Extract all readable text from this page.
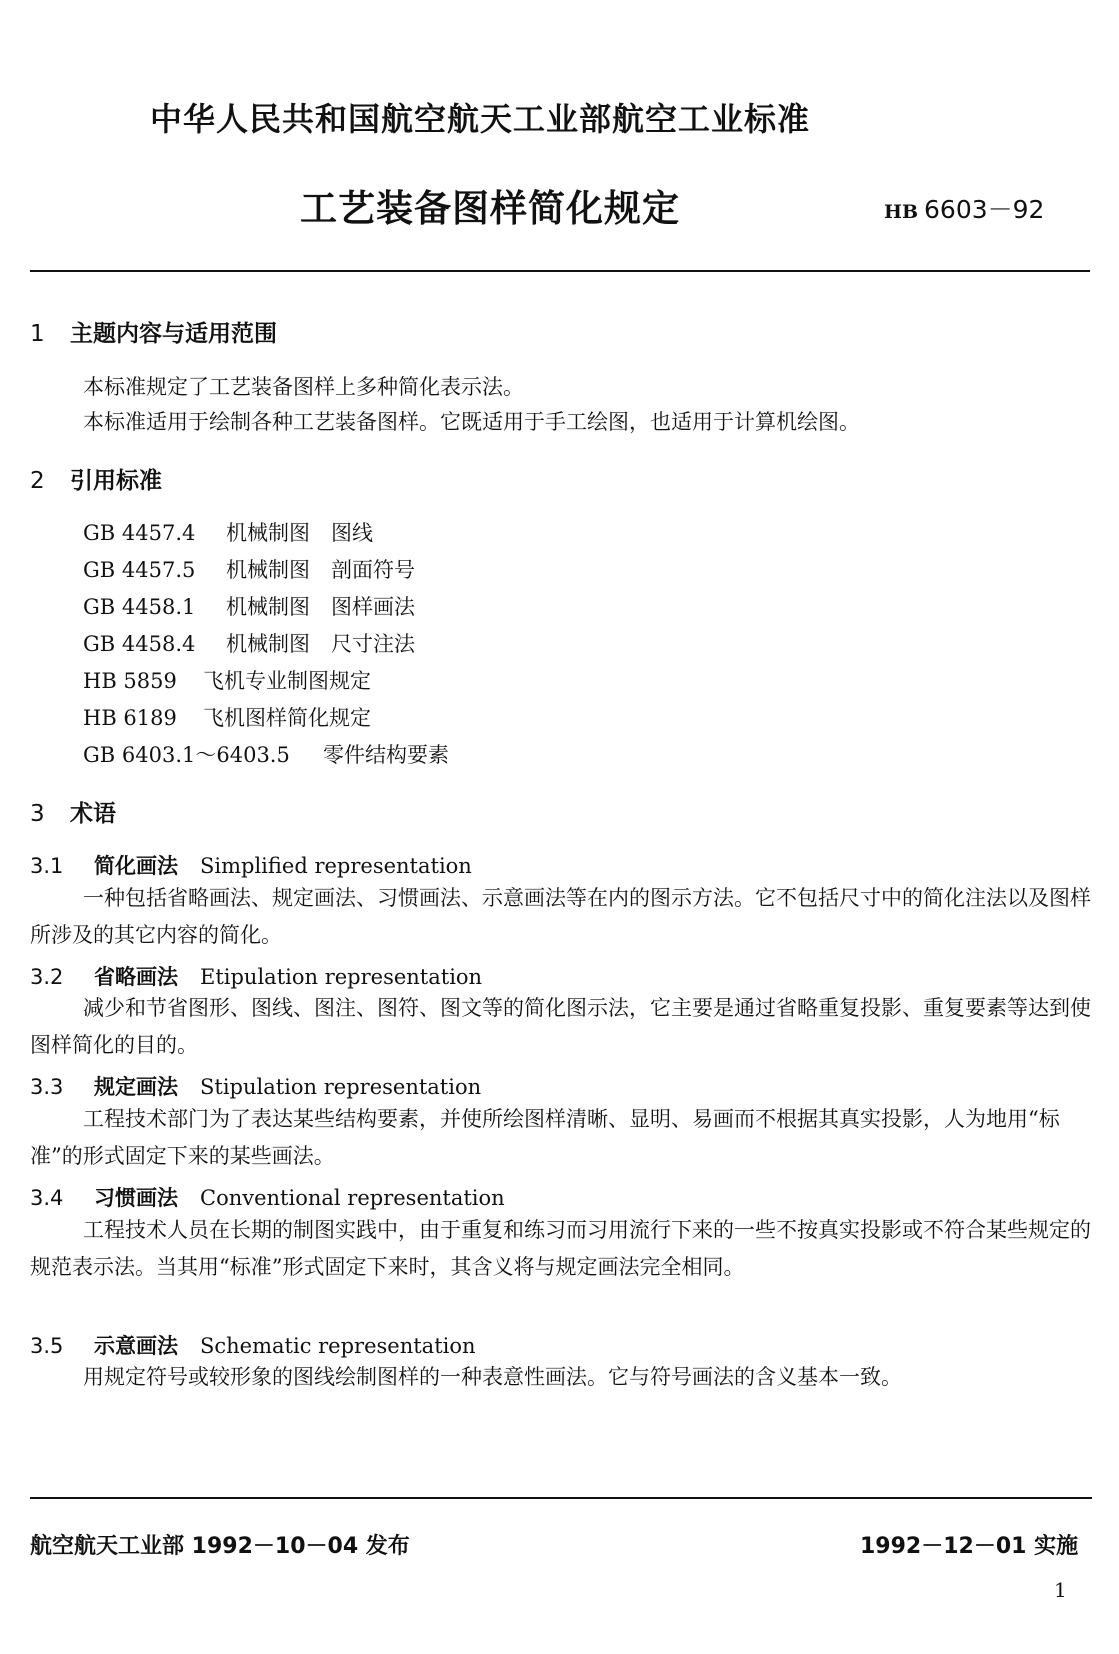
中华人民共和国航空航天工业部航空工业标准
工艺装备图样简化规定	HB 6603－92
1 主题内容与适用范围
本标准规定了工艺装备图样上多种简化表示法。
本标准适用于绘制各种工艺装备图样。它既适用于手工绘图，也适用于计算机绘图。
2 引用标准
GB 4457.4 机械制图　图线
GB 4457.5 机械制图　剖面符号
GB 4458.1 机械制图　图样画法
GB 4458.4 机械制图　尺寸注法
HB 5859 飞机专业制图规定
HB 6189 飞机图样简化规定
GB 6403.1～6403.5 零件结构要素
3 术语
3.1 简化画法 Simplified representation
一种包括省略画法、规定画法、习惯画法、示意画法等在内的图示方法。它不包括尺寸中的简化注法以及图样所涉及的其它内容的简化。
3.2 省略画法 Etipulation representation
减少和节省图形、图线、图注、图符、图文等的简化图示法，它主要是通过省略重复投影、重复要素等达到使图样简化的目的。
3.3 规定画法 Stipulation representation
工程技术部门为了表达某些结构要素，并使所绘图样清晰、显明、易画而不根据其真实投影，人为地用“标准”的形式固定下来的某些画法。
3.4 习惯画法 Conventional representation
工程技术人员在长期的制图实践中，由于重复和练习而习用流行下来的一些不按真实投影或不符合某些规定的规范表示法。当其用“标准”形式固定下来时，其含义将与规定画法完全相同。
3.5 示意画法 Schematic representation
用规定符号或较形象的图线绘制图样的一种表意性画法。它与符号画法的含义基本一致。
航空航天工业部 1992－10－04 发布	1992－12－01 实施
1
